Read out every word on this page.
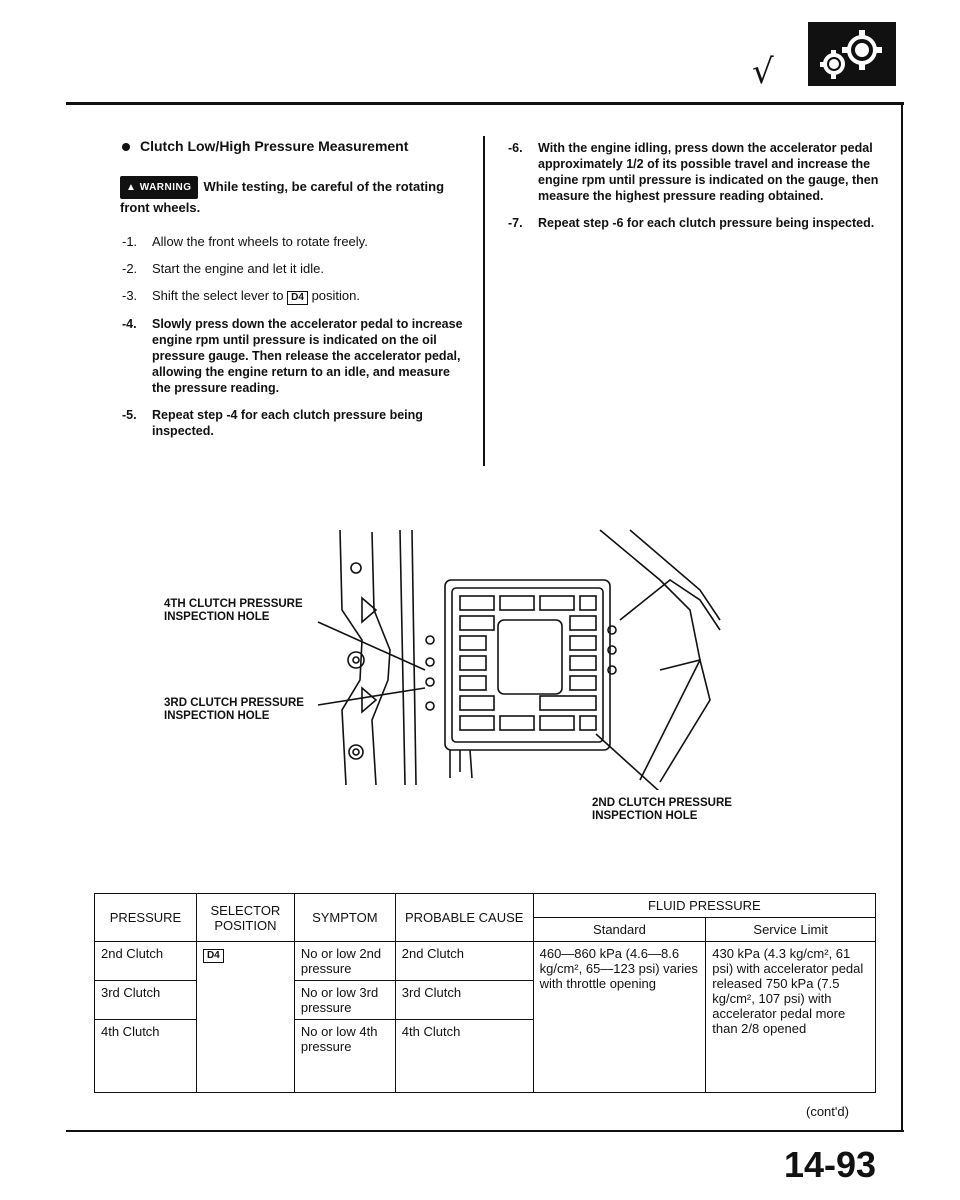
√
Clutch Low/High Pressure Measurement
▲ WARNING While testing, be careful of the rotating front wheels.
-1.	Allow the front wheels to rotate freely.
-2.	Start the engine and let it idle.
-3.	Shift the select lever to D4 position.
-4.	Slowly press down the accelerator pedal to increase engine rpm until pressure is indicated on the oil pressure gauge. Then release the accelerator pedal, allowing the engine return to an idle, and measure the pressure reading.
-5.	Repeat step -4 for each clutch pressure being inspected.
-6.	With the engine idling, press down the accelerator pedal approximately 1/2 of its possible travel and increase the engine rpm until pressure is indicated on the gauge, then measure the highest pressure reading obtained.
-7.	Repeat step -6 for each clutch pressure being inspected.
4TH CLUTCH PRESSURE
INSPECTION HOLE
3RD CLUTCH PRESSURE
INSPECTION HOLE
2ND CLUTCH PRESSURE
INSPECTION HOLE
PRESSURE	SELECTOR POSITION	SYMPTOM	PROBABLE CAUSE	FLUID PRESSURE	
				Standard	Service Limit
2nd Clutch	D4	No or low 2nd pressure	2nd Clutch	460—860 kPa (4.6—8.6 kg/cm², 65—123 psi) varies with throttle opening	430 kPa (4.3 kg/cm², 61 psi) with accelerator pedal released 750 kPa (7.5 kg/cm², 107 psi) with accelerator pedal more than 2/8 opened
3rd Clutch		No or low 3rd pressure	3rd Clutch		
4th Clutch		No or low 4th pressure	4th Clutch		
(cont'd)
14-93
